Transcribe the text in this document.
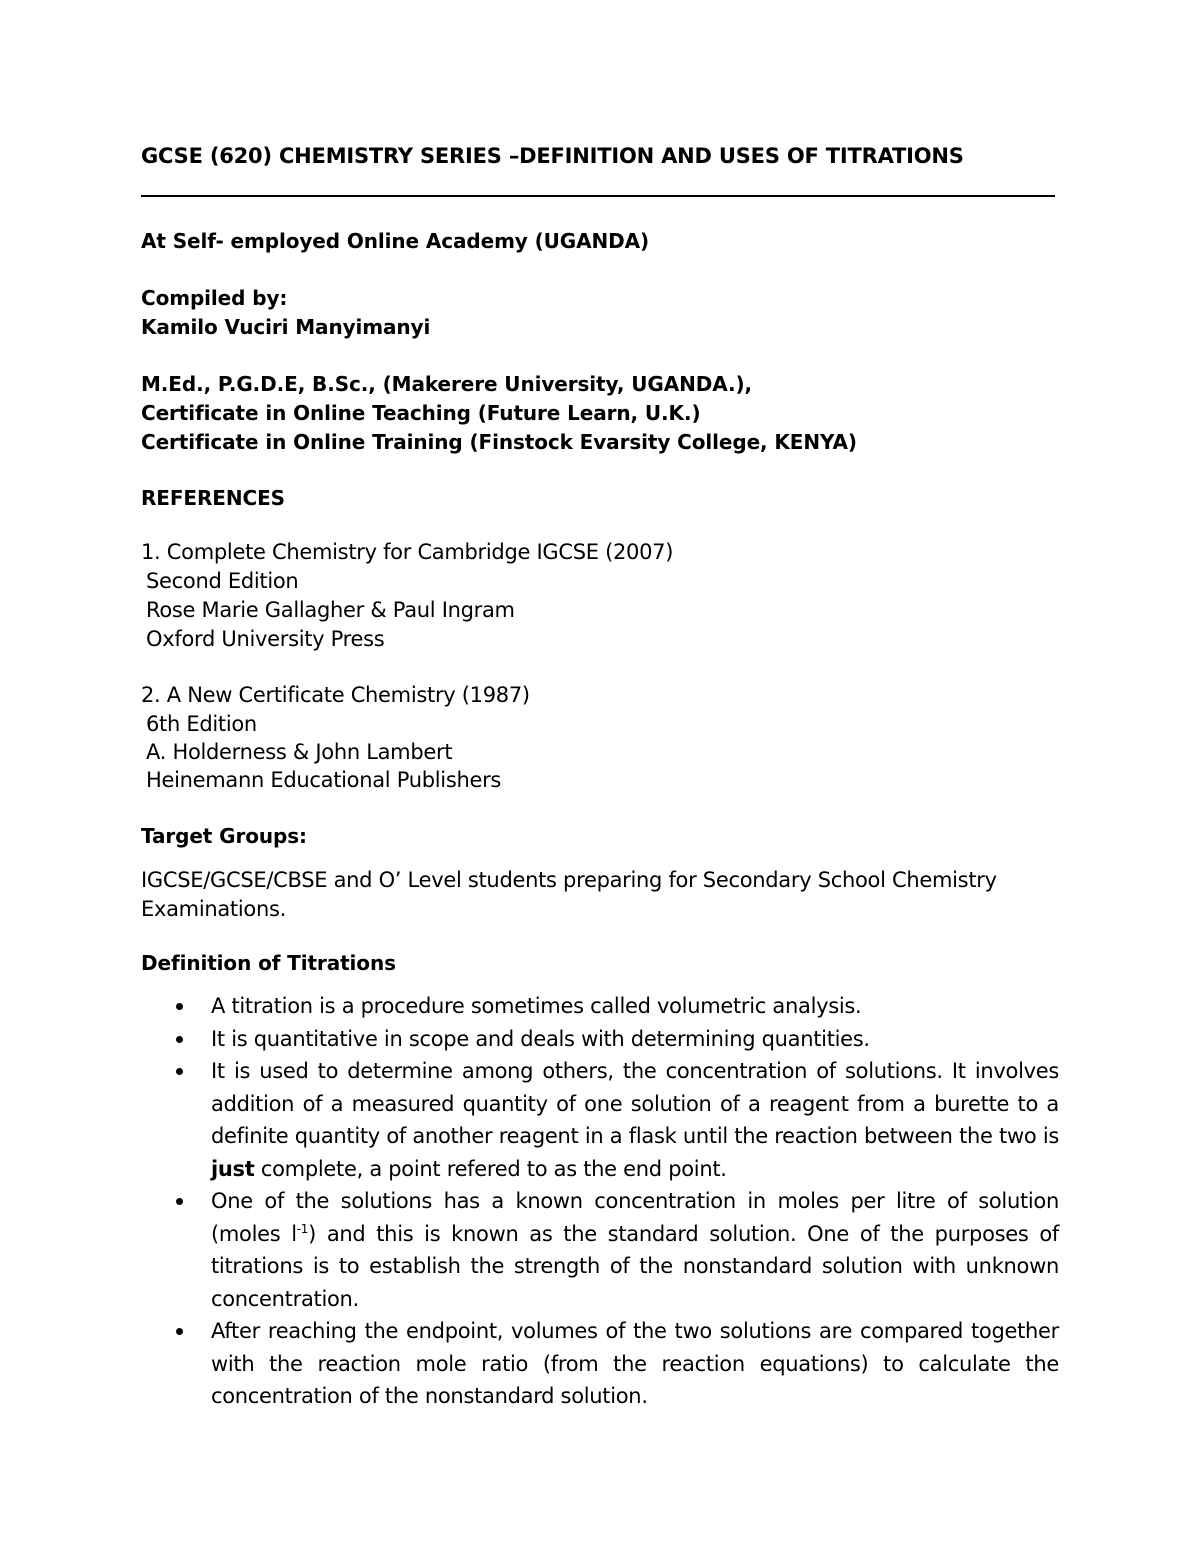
GCSE (620) CHEMISTRY SERIES –DEFINITION AND USES OF TITRATIONS
At Self- employed Online Academy (UGANDA)
Compiled by:
Kamilo Vuciri Manyimanyi
M.Ed., P.G.D.E, B.Sc., (Makerere University, UGANDA.),
Certificate in Online Teaching (Future Learn, U.K.)
Certificate in Online Training (Finstock Evarsity College, KENYA)
REFERENCES
1. Complete Chemistry for Cambridge IGCSE (2007)
Second Edition
Rose Marie Gallagher & Paul Ingram
Oxford University Press
2. A New Certificate Chemistry (1987)
6th Edition
A. Holderness & John Lambert
Heinemann Educational Publishers
Target Groups:
IGCSE/GCSE/CBSE and O’ Level students preparing for Secondary School Chemistry
Examinations.
Definition of Titrations
A titration is a procedure sometimes called volumetric analysis.
It is quantitative in scope and deals with determining quantities.
It is used to determine among others, the concentration of solutions. It involves addition of a measured quantity of one solution of a reagent from a burette to a definite quantity of another reagent in a flask until the reaction between the two is just complete, a point refered to as the end point.
One of the solutions has a known concentration in moles per litre of solution (moles $l^{-1}$) and this is known as the standard solution. One of the purposes of titrations is to establish the strength of the nonstandard solution with unknown concentration.
After reaching the endpoint, volumes of the two solutions are compared together with the reaction mole ratio (from the reaction equations) to calculate the concentration of the nonstandard solution.
